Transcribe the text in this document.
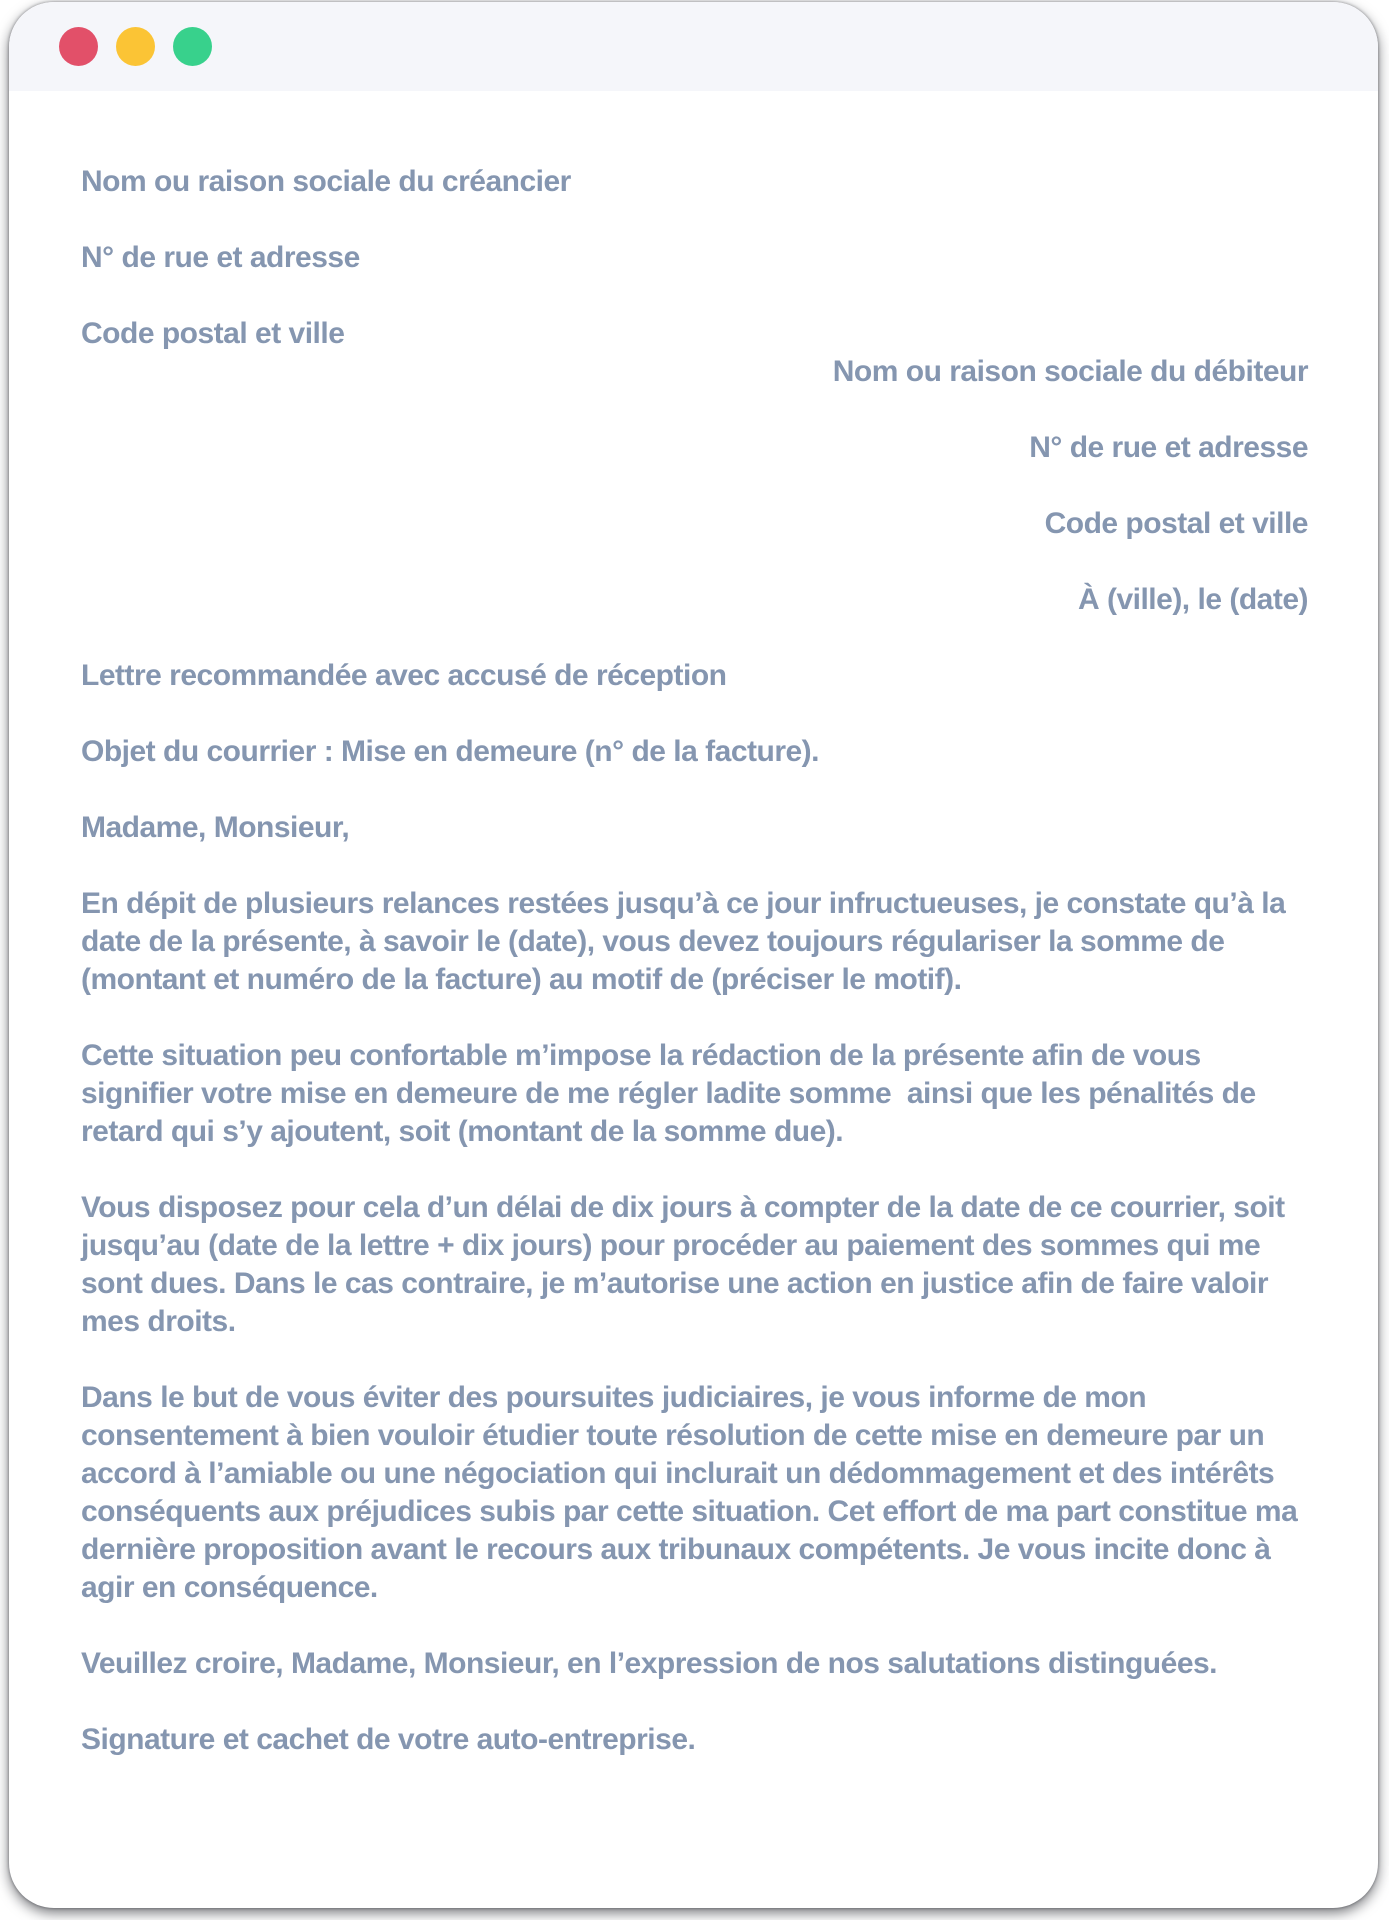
Nom ou raison sociale du créancier

N° de rue et adresse

Code postal et ville

Nom ou raison sociale du débiteur

N° de rue et adresse

Code postal et ville

À (ville), le (date)

Lettre recommandée avec accusé de réception

Objet du courrier : Mise en demeure (n° de la facture).

Madame, Monsieur,

En dépit de plusieurs relances restées jusqu’à ce jour infructueuses, je constate qu’à la date de la présente, à savoir le (date), vous devez toujours régulariser la somme de (montant et numéro de la facture) au motif de (préciser le motif).

Cette situation peu confortable m’impose la rédaction de la présente afin de vous signifier votre mise en demeure de me régler ladite somme  ainsi que les pénalités de retard qui s’y ajoutent, soit (montant de la somme due).

Vous disposez pour cela d’un délai de dix jours à compter de la date de ce courrier, soit jusqu’au (date de la lettre + dix jours) pour procéder au paiement des sommes qui me sont dues. Dans le cas contraire, je m’autorise une action en justice afin de faire valoir mes droits.

Dans le but de vous éviter des poursuites judiciaires, je vous informe de mon consentement à bien vouloir étudier toute résolution de cette mise en demeure par un accord à l’amiable ou une négociation qui inclurait un dédommagement et des intérêts conséquents aux préjudices subis par cette situation. Cet effort de ma part constitue ma dernière proposition avant le recours aux tribunaux compétents. Je vous incite donc à agir en conséquence.

Veuillez croire, Madame, Monsieur, en l’expression de nos salutations distinguées.

Signature et cachet de votre auto-entreprise.
